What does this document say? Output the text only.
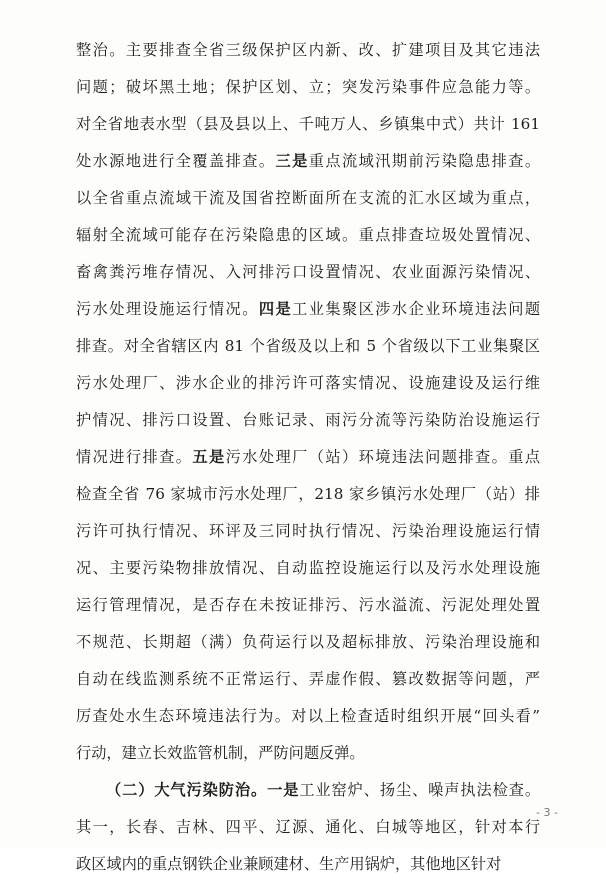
整治。主要排查全省三级保护区内新、改、扩建项目及其它违法
问题；破坏黑土地；保护区划、立；突发污染事件应急能力等。
对全省地表水型（县及县以上、千吨万人、乡镇集中式）共计 161
处水源地进行全覆盖排查。三是重点流域汛期前污染隐患排查。
以全省重点流域干流及国省控断面所在支流的汇水区域为重点，
辐射全流域可能存在污染隐患的区域。重点排查垃圾处置情况、
畜禽粪污堆存情况、入河排污口设置情况、农业面源污染情况、
污水处理设施运行情况。四是工业集聚区涉水企业环境违法问题
排查。对全省辖区内 81 个省级及以上和 5 个省级以下工业集聚区
污水处理厂、涉水企业的排污许可落实情况、设施建设及运行维
护情况、排污口设置、台账记录、雨污分流等污染防治设施运行
情况进行排查。五是污水处理厂（站）环境违法问题排查。重点
检查全省 76 家城市污水处理厂，218 家乡镇污水处理厂（站）排
污许可执行情况、环评及三同时执行情况、污染治理设施运行情
况、主要污染物排放情况、自动监控设施运行以及污水处理设施
运行管理情况，是否存在未按证排污、污水溢流、污泥处理处置
不规范、长期超（满）负荷运行以及超标排放、污染治理设施和
自动在线监测系统不正常运行、弄虚作假、篡改数据等问题，严
厉查处水生态环境违法行为。对以上检查适时组织开展“回头看”
行动，建立长效监管机制，严防问题反弹。
（二）大气污染防治。一是工业窑炉、扬尘、噪声执法检查。
其一，长春、吉林、四平、辽源、通化、白城等地区，针对本行
政区域内的重点钢铁企业兼顾建材、生产用锅炉，其他地区针对
- 3 -
